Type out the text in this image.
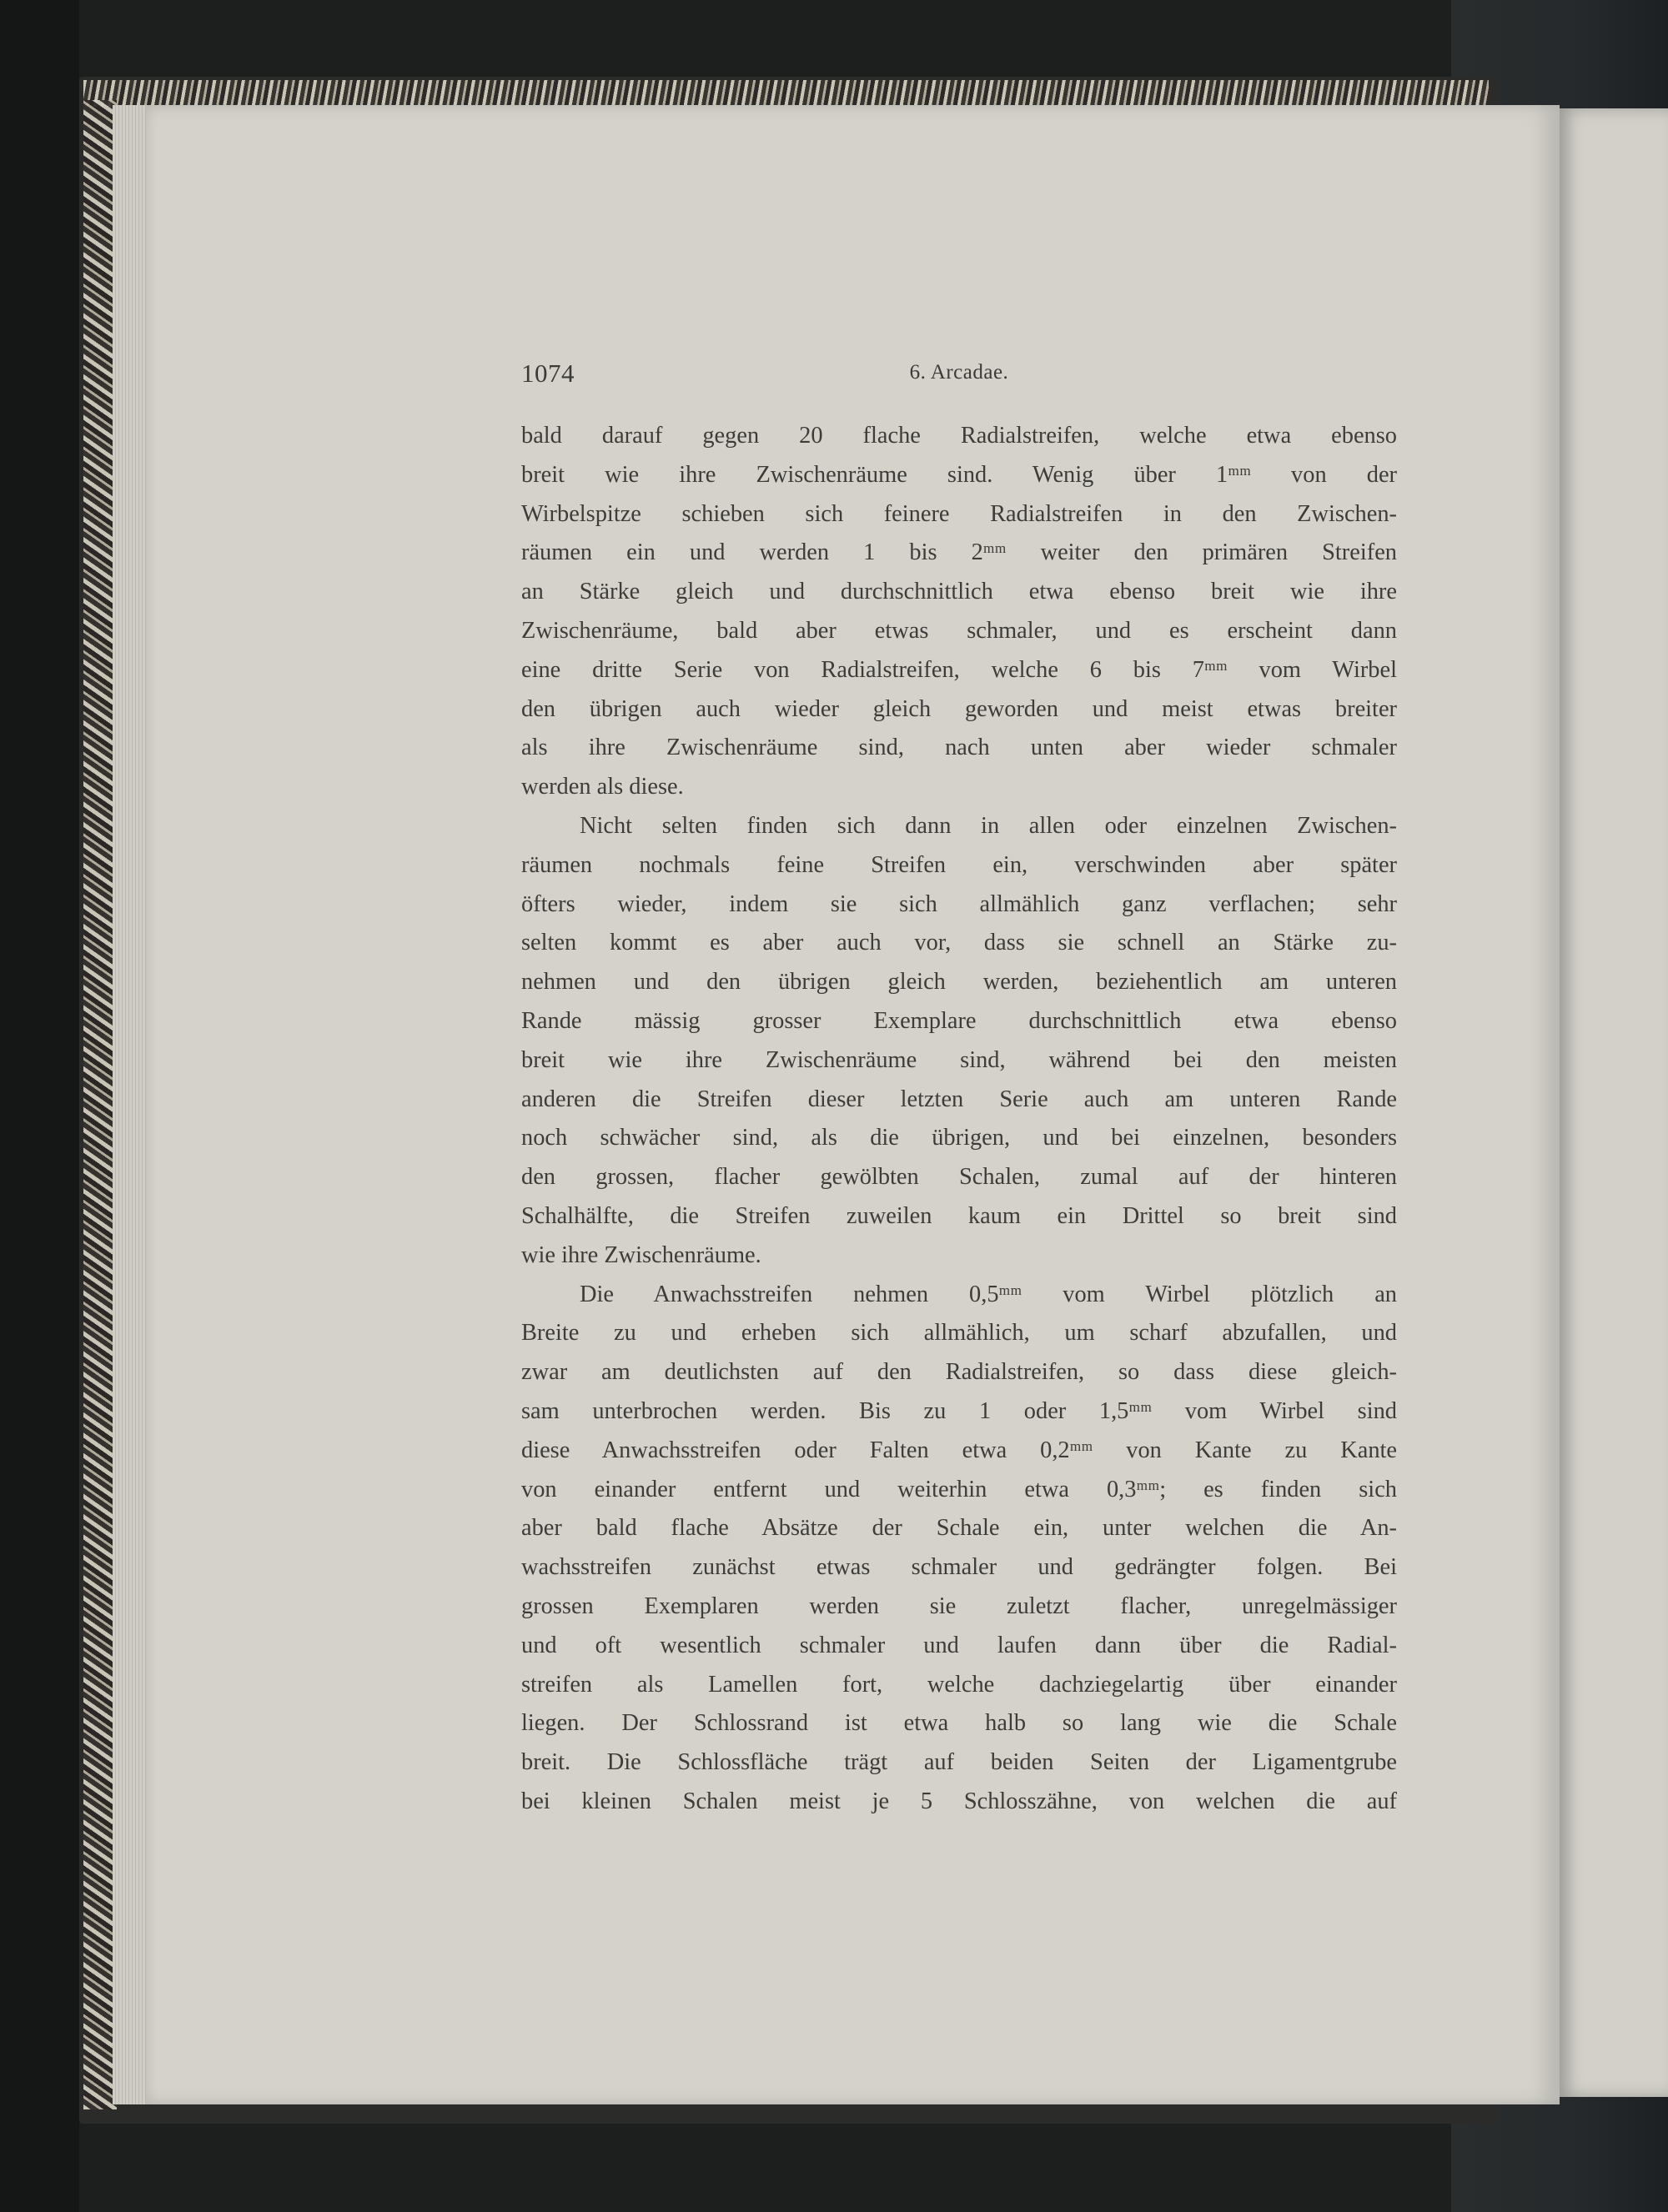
1074	6. Arcadae.
bald darauf gegen 20 flache Radialstreifen, welche etwa ebenso
breit wie ihre Zwischenräume sind. Wenig über 1ᵐᵐ von der
Wirbelspitze schieben sich feinere Radialstreifen in den Zwischen-
räumen ein und werden 1 bis 2ᵐᵐ weiter den primären Streifen
an Stärke gleich und durchschnittlich etwa ebenso breit wie ihre
Zwischenräume, bald aber etwas schmaler, und es erscheint dann
eine dritte Serie von Radialstreifen, welche 6 bis 7ᵐᵐ vom Wirbel
den übrigen auch wieder gleich geworden und meist etwas breiter
als ihre Zwischenräume sind, nach unten aber wieder schmaler
werden als diese.
Nicht selten finden sich dann in allen oder einzelnen Zwischen-
räumen nochmals feine Streifen ein, verschwinden aber später
öfters wieder, indem sie sich allmählich ganz verflachen; sehr
selten kommt es aber auch vor, dass sie schnell an Stärke zu-
nehmen und den übrigen gleich werden, beziehentlich am unteren
Rande mässig grosser Exemplare durchschnittlich etwa ebenso
breit wie ihre Zwischenräume sind, während bei den meisten
anderen die Streifen dieser letzten Serie auch am unteren Rande
noch schwächer sind, als die übrigen, und bei einzelnen, besonders
den grossen, flacher gewölbten Schalen, zumal auf der hinteren
Schalhälfte, die Streifen zuweilen kaum ein Drittel so breit sind
wie ihre Zwischenräume.
Die Anwachsstreifen nehmen 0,5ᵐᵐ vom Wirbel plötzlich an
Breite zu und erheben sich allmählich, um scharf abzufallen, und
zwar am deutlichsten auf den Radialstreifen, so dass diese gleich-
sam unterbrochen werden. Bis zu 1 oder 1,5ᵐᵐ vom Wirbel sind
diese Anwachsstreifen oder Falten etwa 0,2ᵐᵐ von Kante zu Kante
von einander entfernt und weiterhin etwa 0,3ᵐᵐ; es finden sich
aber bald flache Absätze der Schale ein, unter welchen die An-
wachsstreifen zunächst etwas schmaler und gedrängter folgen. Bei
grossen Exemplaren werden sie zuletzt flacher, unregelmässiger
und oft wesentlich schmaler und laufen dann über die Radial-
streifen als Lamellen fort, welche dachziegelartig über einander
liegen. Der Schlossrand ist etwa halb so lang wie die Schale
breit. Die Schlossfläche trägt auf beiden Seiten der Ligamentgrube
bei kleinen Schalen meist je 5 Schlosszähne, von welchen die auf
